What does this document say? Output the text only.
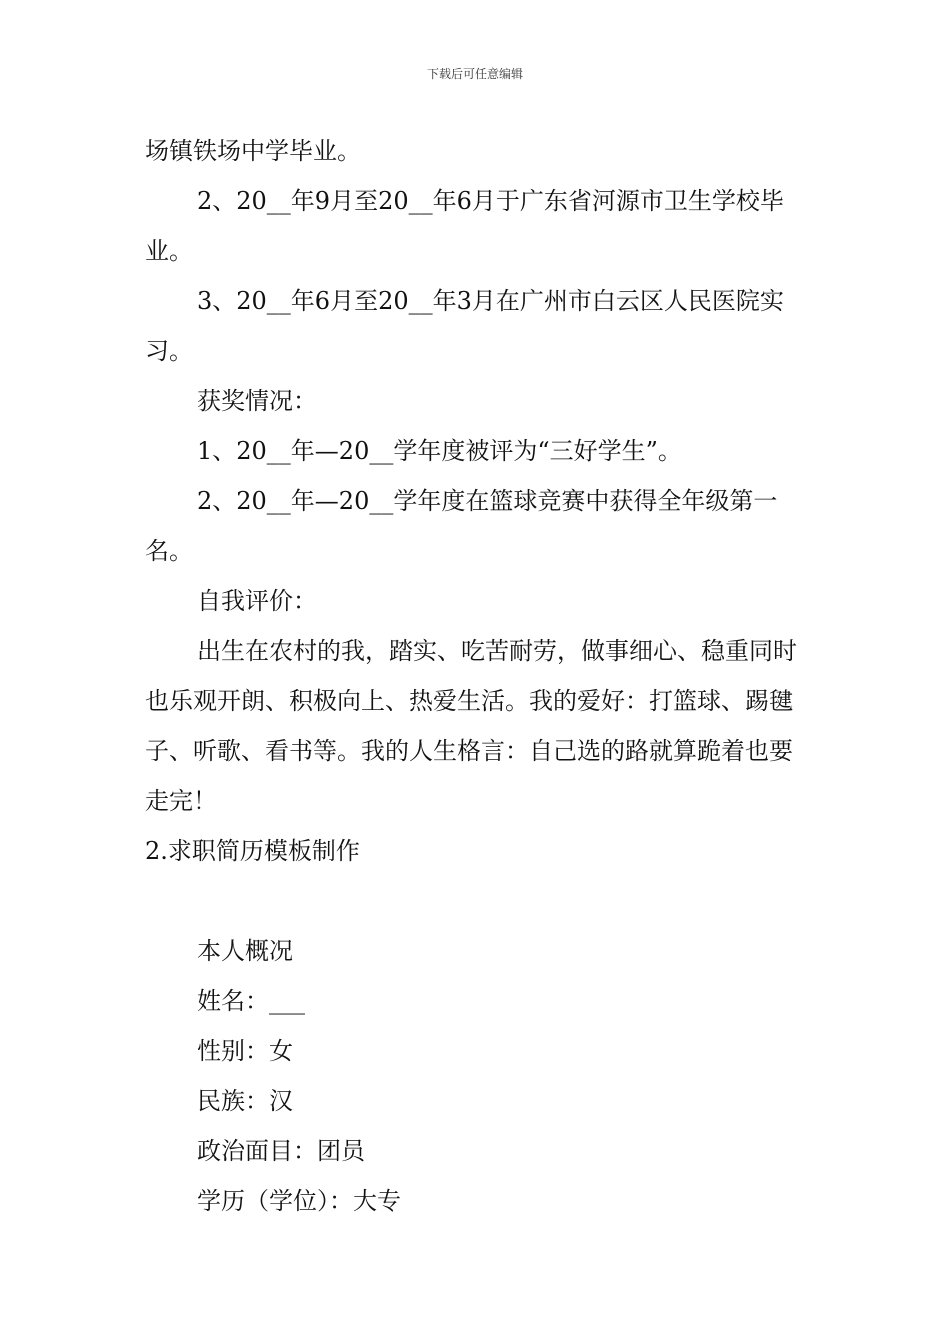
下载后可任意编辑

场镇铁场中学毕业。

2、20__年9月至20__年6月于广东省河源市卫生学校毕业。

3、20__年6月至20__年3月在广州市白云区人民医院实习。

获奖情况：

1、20__年—20__学年度被评为“三好学生”。

2、20__年—20__学年度在篮球竞赛中获得全年级第一名。

自我评价：

出生在农村的我，踏实、吃苦耐劳，做事细心、稳重同时也乐观开朗、积极向上、热爱生活。我的爱好：打篮球、踢毽子、听歌、看书等。我的人生格言：自己选的路就算跪着也要走完！

2.求职简历模板制作

本人概况

姓名：___

性别：女

民族：汉

政治面目：团员

学历（学位）：大专
